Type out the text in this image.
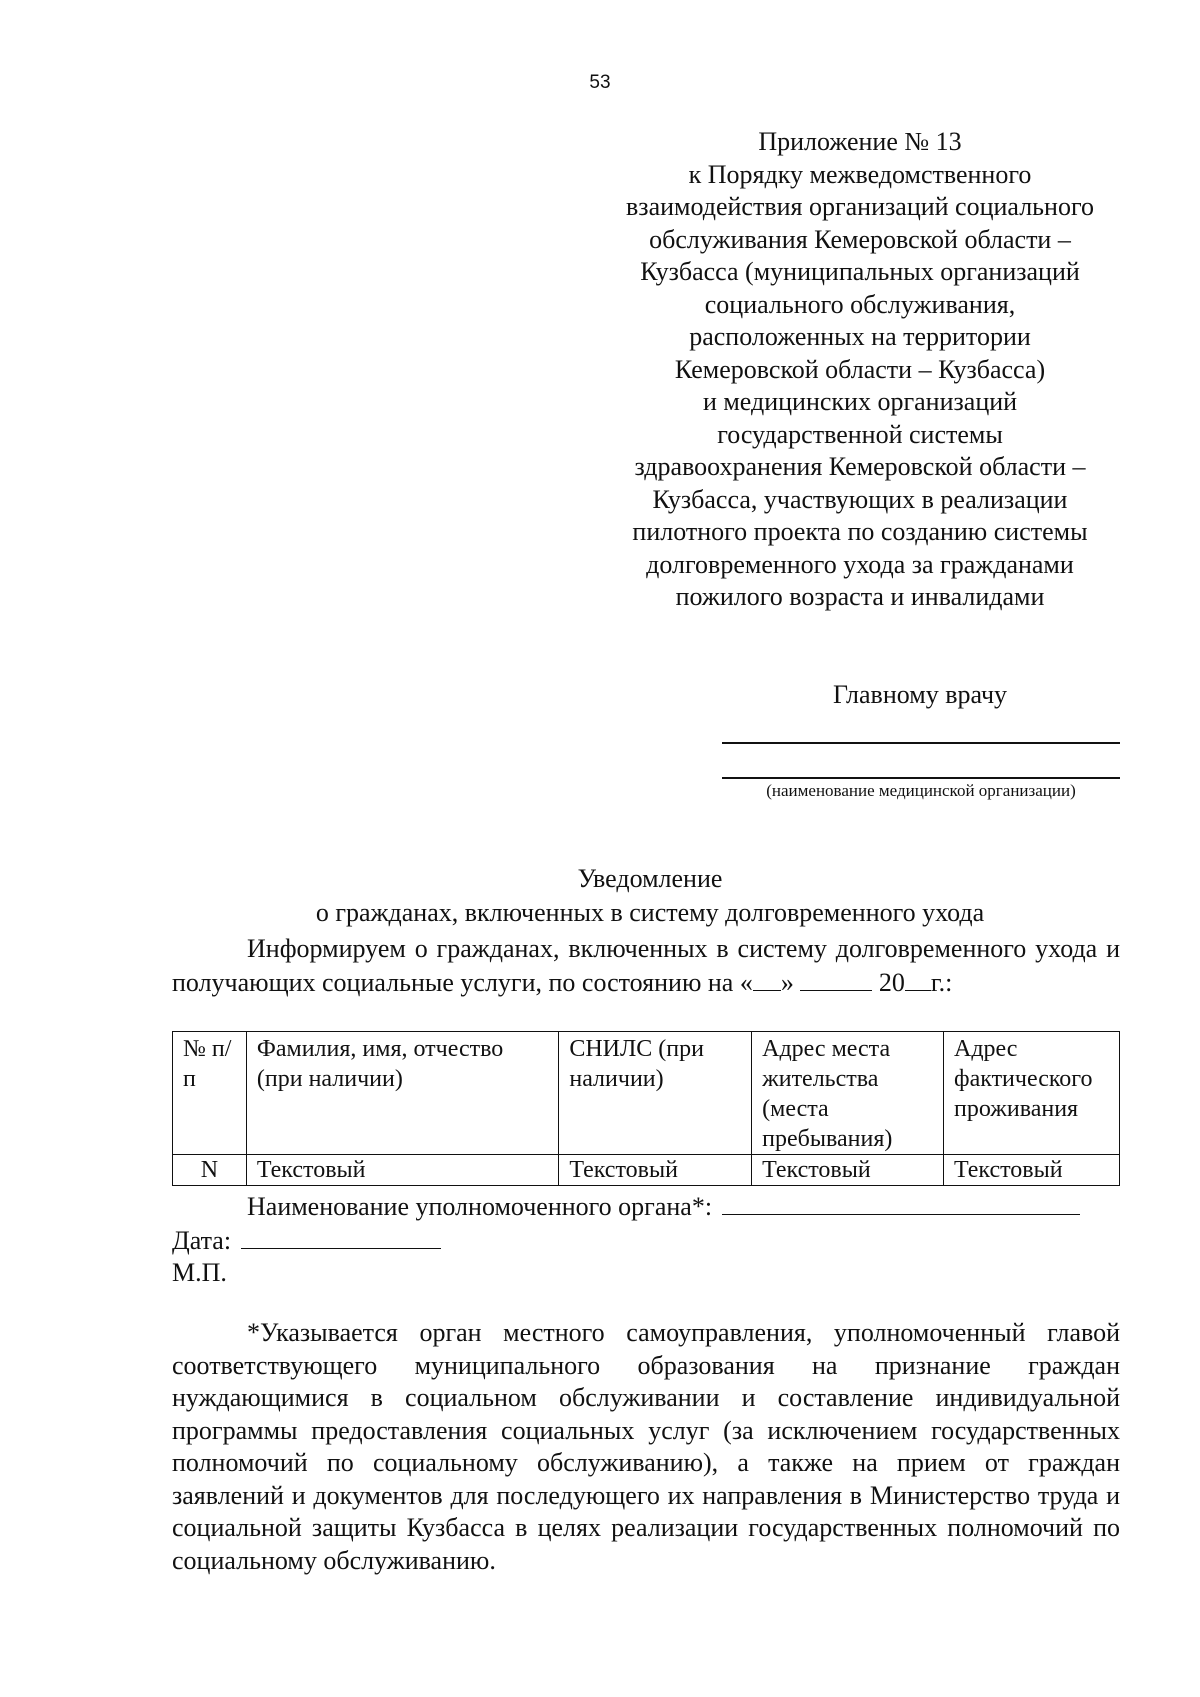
53
Приложение № 13
к Порядку межведомственного
взаимодействия организаций социального
обслуживания Кемеровской области –
Кузбасса (муниципальных организаций
социального обслуживания,
расположенных на территории
Кемеровской области – Кузбасса)
и медицинских организаций
государственной системы
здравоохранения Кемеровской области –
Кузбасса, участвующих в реализации
пилотного проекта по созданию системы
долговременного ухода за гражданами
пожилого возраста и инвалидами
Главному врачу
(наименование медицинской организации)
Уведомление
о гражданах, включенных в систему долговременного ухода

Информируем о гражданах, включенных в систему долговременного ухода и получающих социальные услуги, по состоянию на « »	20 г.:

№ п/п	Фамилия, имя, отчество (при наличии)	СНИЛС (при наличии)	Адрес места жительства (места пребывания)	Адрес фактического проживания
N	Текстовый	Текстовый	Текстовый	Текстовый
Наименование уполномоченного органа*:
Дата:
М.П.

*Указывается орган местного самоуправления, уполномоченный главой соответствующего муниципального образования на признание граждан нуждающимися в социальном обслуживании и составление индивидуальной программы предоставления социальных услуг (за исключением государственных полномочий по социальному обслуживанию), а также на прием от граждан заявлений и документов для последующего их направления в Министерство труда и социальной защиты Кузбасса в целях реализации государственных полномочий по социальному обслуживанию.
